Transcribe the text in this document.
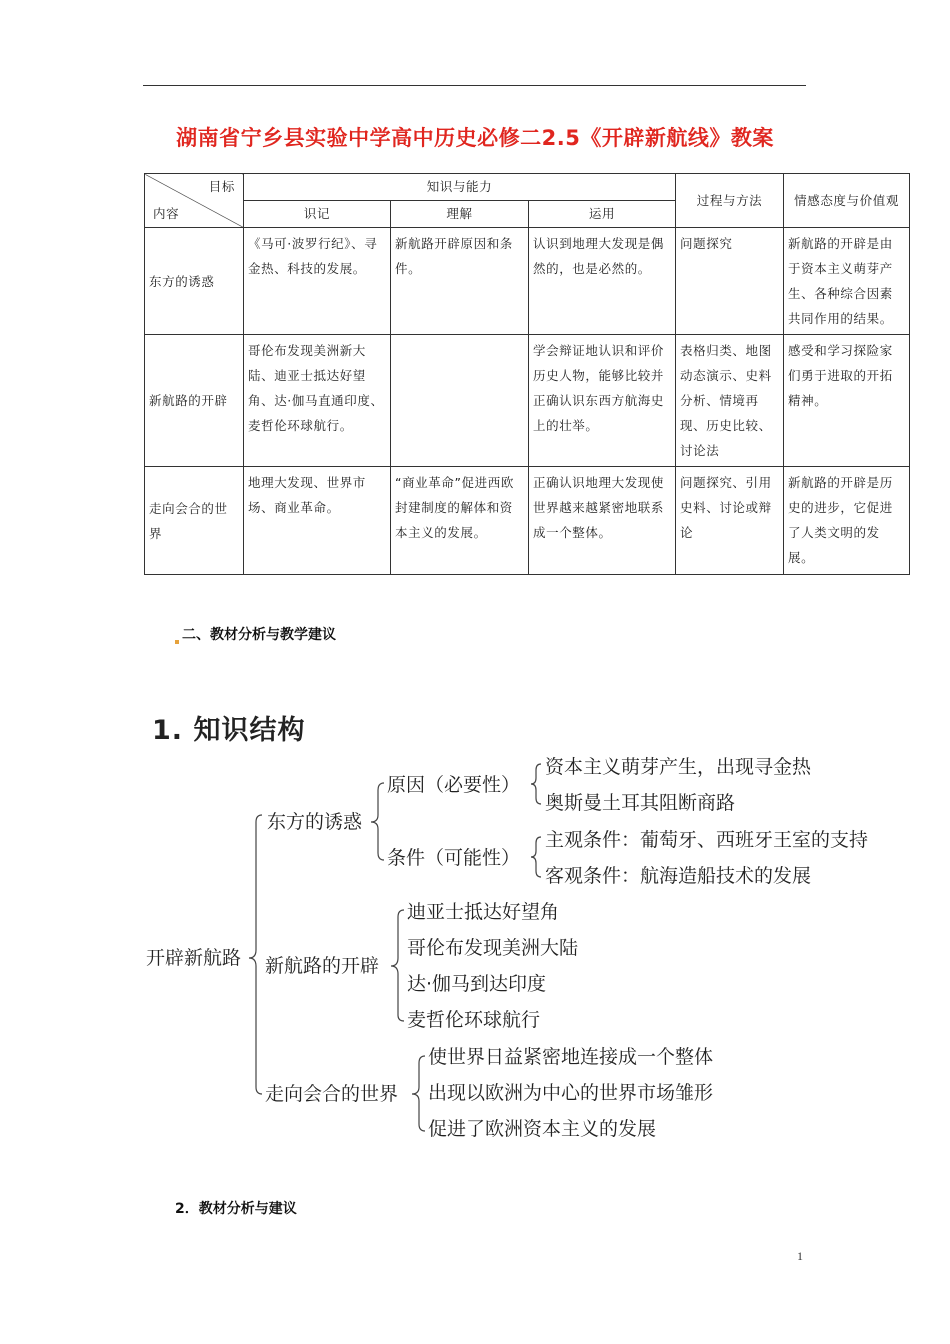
湖南省宁乡县实验中学高中历史必修二2.5《开辟新航线》教案
目标
内容	知识与能力			过程与方法	情感态度与价值观
	识记	理解	运用		
东方的诱惑	《马可·波罗行纪》、寻金热、科技的发展。	新航路开辟原因和条件。	认识到地理大发现是偶然的，也是必然的。	问题探究	新航路的开辟是由于资本主义萌芽产生、各种综合因素共同作用的结果。
新航路的开辟	哥伦布发现美洲新大陆、迪亚士抵达好望角、达·伽马直通印度、麦哲伦环球航行。		学会辩证地认识和评价历史人物，能够比较并正确认识东西方航海史上的壮举。	表格归类、地图动态演示、史料分析、情境再现、历史比较、讨论法	感受和学习探险家们勇于进取的开拓精神。
走向会合的世界	地理大发现、世界市场、商业革命。	“商业革命”促进西欧封建制度的解体和资本主义的发展。	正确认识地理大发现使世界越来越紧密地联系成一个整体。	问题探究、引用史料、讨论或辩论	新航路的开辟是历史的进步，它促进了人类文明的发展。
二、教材分析与教学建议
1. 知识结构
开辟新航路
东方的诱惑
原因（必要性）
资本主义萌芽产生，出现寻金热
奥斯曼土耳其阻断商路
条件（可能性）
主观条件：葡萄牙、西班牙王室的支持
客观条件：航海造船技术的发展
新航路的开辟
迪亚士抵达好望角
哥伦布发现美洲大陆
达·伽马到达印度
麦哲伦环球航行
走向会合的世界
使世界日益紧密地连接成一个整体
出现以欧洲为中心的世界市场雏形
促进了欧洲资本主义的发展
2．教材分析与建议
1
